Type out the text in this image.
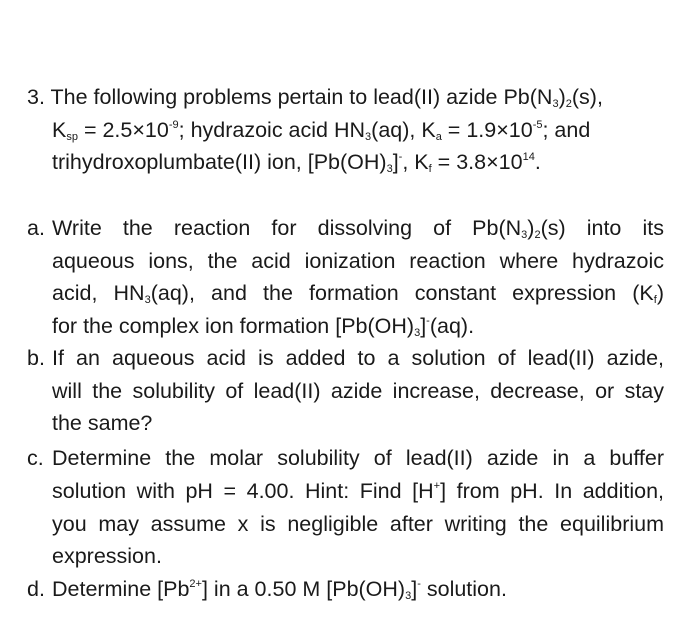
3. The following problems pertain to lead(II) azide $Pb(N_3)_2(s)$,
$K_{sp} = 2.5\times 10^{-9}$; hydrazoic acid $HN_3(aq)$, $K_a = 1.9\times 10^{-5}$; and
trihydroxoplumbate(II) ion, $[Pb(OH)_3]^-$, $K_f = 3.8\times 10^{14}$.
a. Write the reaction for dissolving of $Pb(N_3)_2(s)$ into its
aqueous ions, the acid ionization reaction where hydrazoic
acid, $HN_3(aq)$, and the formation constant expression $(K_f)$
for the complex ion formation $[Pb(OH)_3]^-(aq)$.
b. If an aqueous acid is added to a solution of lead(II) azide,
will the solubility of lead(II) azide increase, decrease, or stay
the same?
c. Determine the molar solubility of lead(II) azide in a buffer
solution with pH = 4.00. Hint: Find [H+] from pH. In addition,
you may assume x is negligible after writing the equilibrium
expression.
d. Determine $[Pb^{2+}]$ in a 0.50 M $[Pb(OH)_3]^-$ solution.
